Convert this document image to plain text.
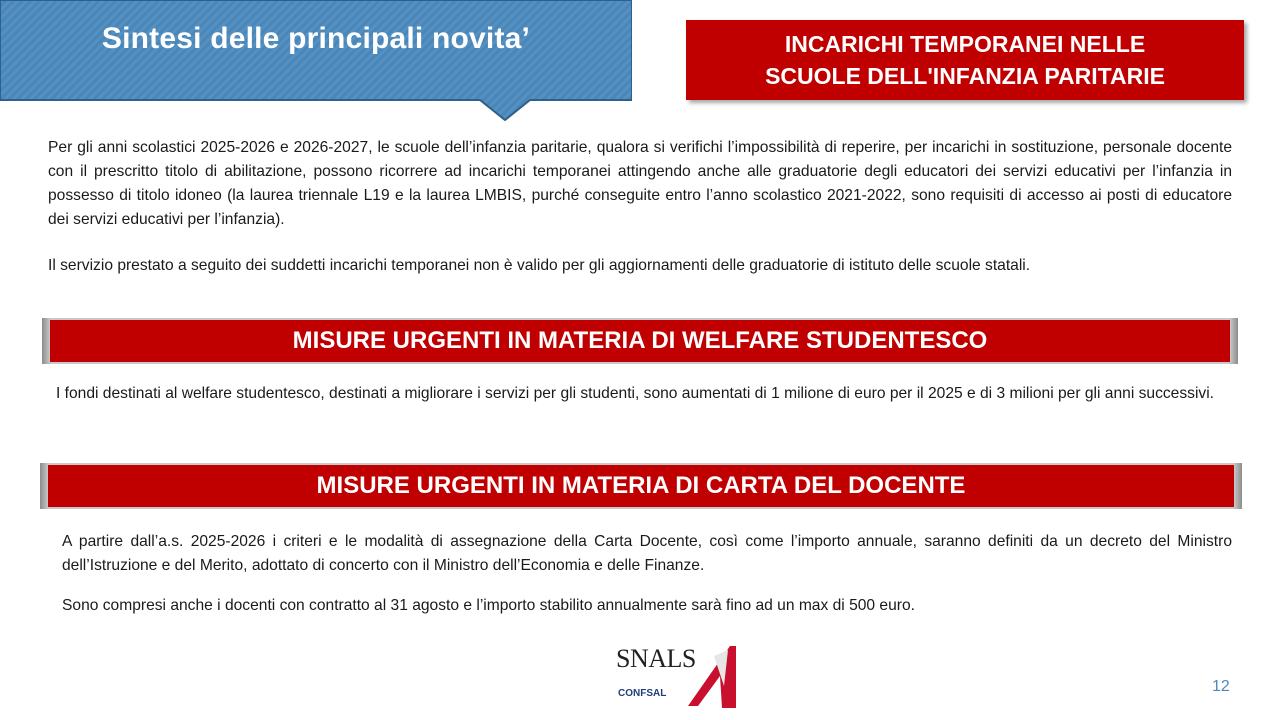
Sintesi delle principali novita’	INCARICHI TEMPORANEI NELLE
SCUOLE DELL'INFANZIA PARITARIE

Per gli anni scolastici 2025-2026 e 2026-2027, le scuole dell’infanzia paritarie, qualora si verifichi l’impossibilità di reperire, per incarichi in sostituzione, personale docente con il prescritto titolo di abilitazione, possono ricorrere ad incarichi temporanei attingendo anche alle graduatorie degli educatori dei servizi educativi per l’infanzia in possesso di titolo idoneo (la laurea triennale L19 e la laurea LMBIS, purché conseguite entro l’anno scolastico 2021-2022, sono requisiti di accesso ai posti di educatore dei servizi educativi per l’infanzia).

Il servizio prestato a seguito dei suddetti incarichi temporanei non è valido per gli aggiornamenti delle graduatorie di istituto delle scuole statali.

MISURE URGENTI IN MATERIA DI WELFARE STUDENTESCO

I fondi destinati al welfare studentesco, destinati a migliorare i servizi per gli studenti, sono aumentati di 1 milione di euro per il 2025 e di 3 milioni per gli anni successivi.

MISURE URGENTI IN MATERIA DI CARTA DEL DOCENTE

A partire dall’a.s. 2025-2026 i criteri e le modalità di assegnazione della Carta Docente, così come l’importo annuale, saranno definiti da un decreto del Ministro dell’Istruzione e del Merito, adottato di concerto con il Ministro dell’Economia e delle Finanze.

Sono compresi anche i docenti con contratto al 31 agosto e l’importo stabilito annualmente sarà fino ad un max di 500 euro.

SNALS
CONFSAL	12
